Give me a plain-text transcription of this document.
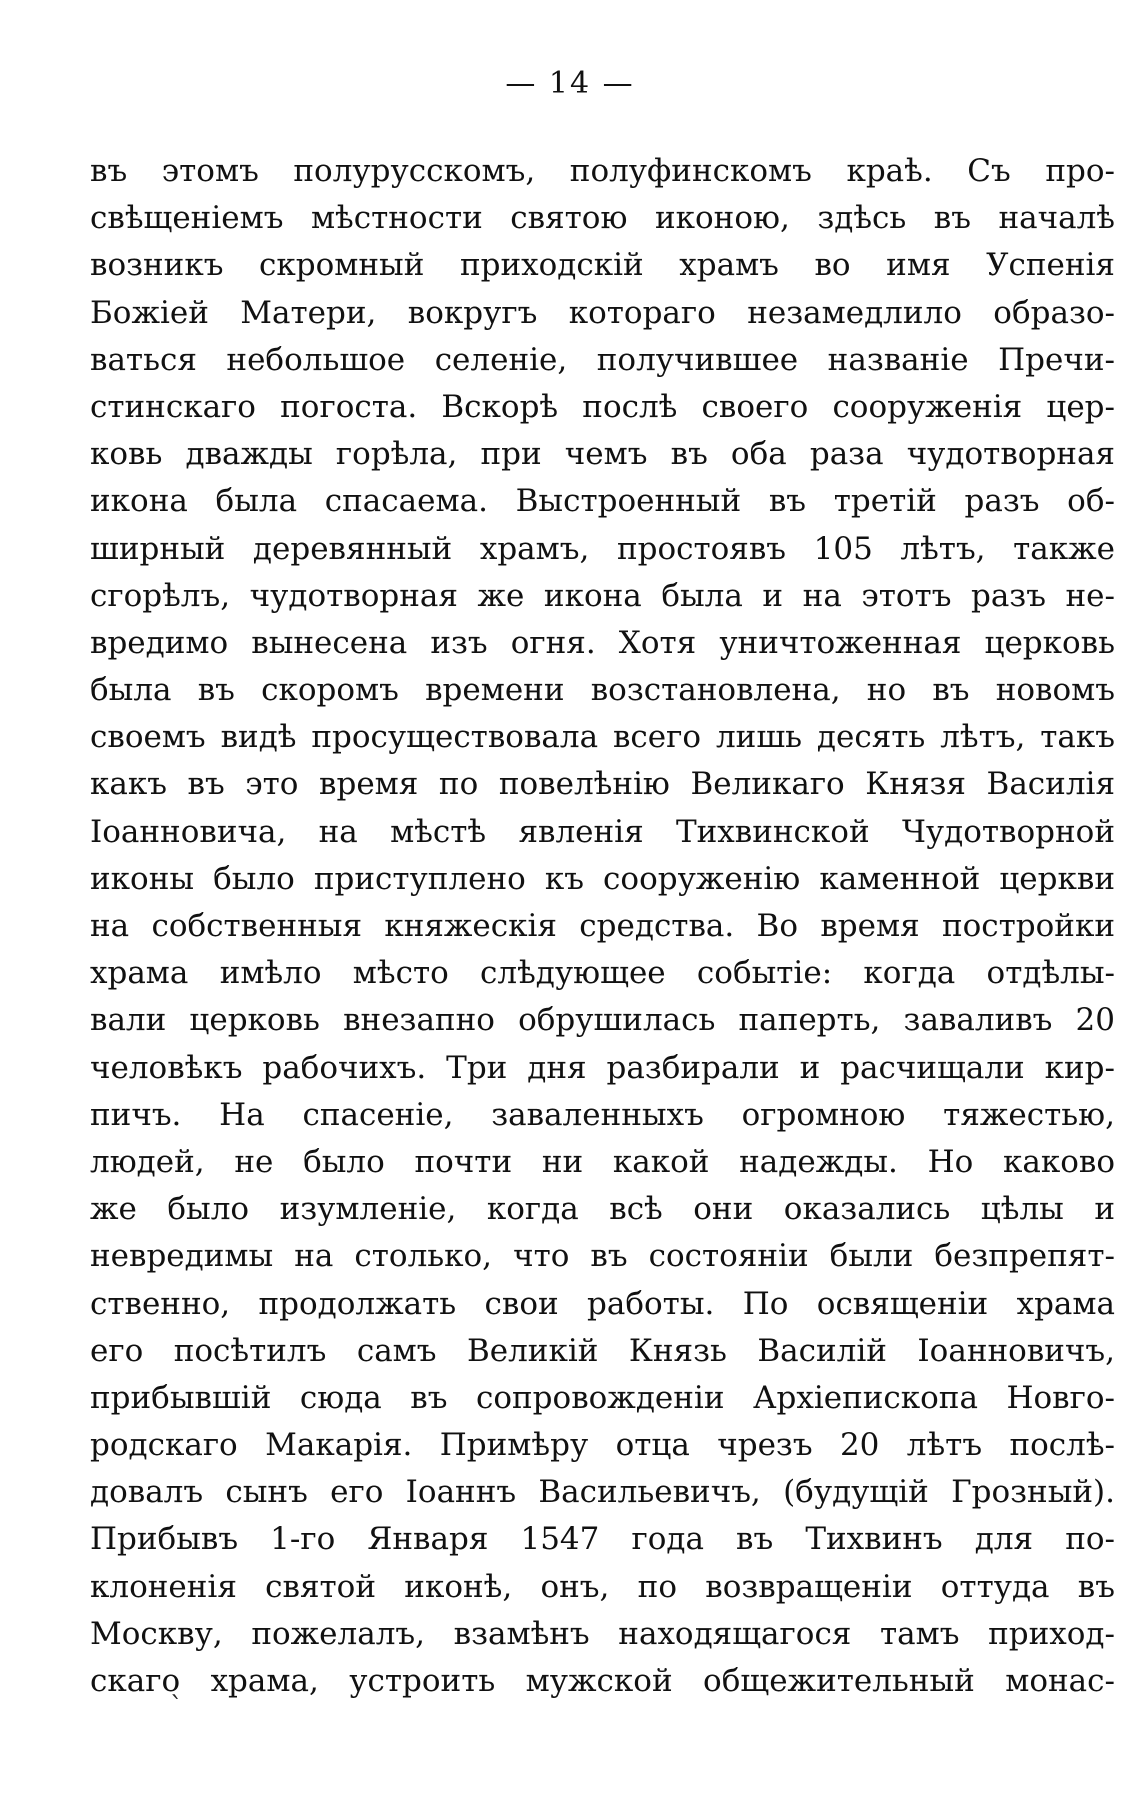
— 14 —
въ этомъ полурусскомъ, полуфинскомъ краѣ. Съ про-
свѣщеніемъ мѣстности святою иконою, здѣсь въ началѣ
возникъ скромный приходскій храмъ во имя Успенія
Божіей Матери, вокругъ котораго незамедлило образо-
ваться небольшое селеніе, получившее названіе Пречи-
стинскаго погоста. Вскорѣ послѣ своего сооруженія цер-
ковь дважды горѣла, при чемъ въ оба раза чудотворная
икона была спасаема. Выстроенный въ третій разъ об-
ширный деревянный храмъ, простоявъ 105 лѣтъ, также
сгорѣлъ, чудотворная же икона была и на этотъ разъ не-
вредимо вынесена изъ огня. Хотя уничтоженная церковь
была въ скоромъ времени возстановлена, но въ новомъ
своемъ видѣ просуществовала всего лишь десять лѣтъ, такъ
какъ въ это время по повелѣнію Великаго Князя Василія
Іоанновича, на мѣстѣ явленія Тихвинской Чудотворной
иконы было приступлено къ сооруженію каменной церкви
на собственныя княжескія средства. Во время постройки
храма имѣло мѣсто слѣдующее событіе: когда отдѣлы-
вали церковь внезапно обрушилась паперть, заваливъ 20
человѣкъ рабочихъ. Три дня разбирали и расчищали кир-
пичъ. На спасеніе, заваленныхъ огромною тяжестью,
людей, не было почти ни какой надежды. Но каково
же было изумленіе, когда всѣ они оказались цѣлы и
невредимы на столько, что въ состояніи были безпрепят-
ственно, продолжать свои работы. По освященіи храма
его посѣтилъ самъ Великій Князь Василій Іоанновичъ,
прибывшій сюда въ сопровожденіи Архіепископа Новго-
родскаго Макарія. Примѣру отца чрезъ 20 лѣтъ послѣ-
довалъ сынъ его Іоаннъ Васильевичъ, (будущій Грозный).
Прибывъ 1-го Января 1547 года въ Тихвинъ для по-
клоненія святой иконѣ, онъ, по возвращеніи оттуда въ
Москву, пожелалъ, взамѣнъ находящагося тамъ приход-
скаго храма, устроить мужской общежительный монас-
ˋ
